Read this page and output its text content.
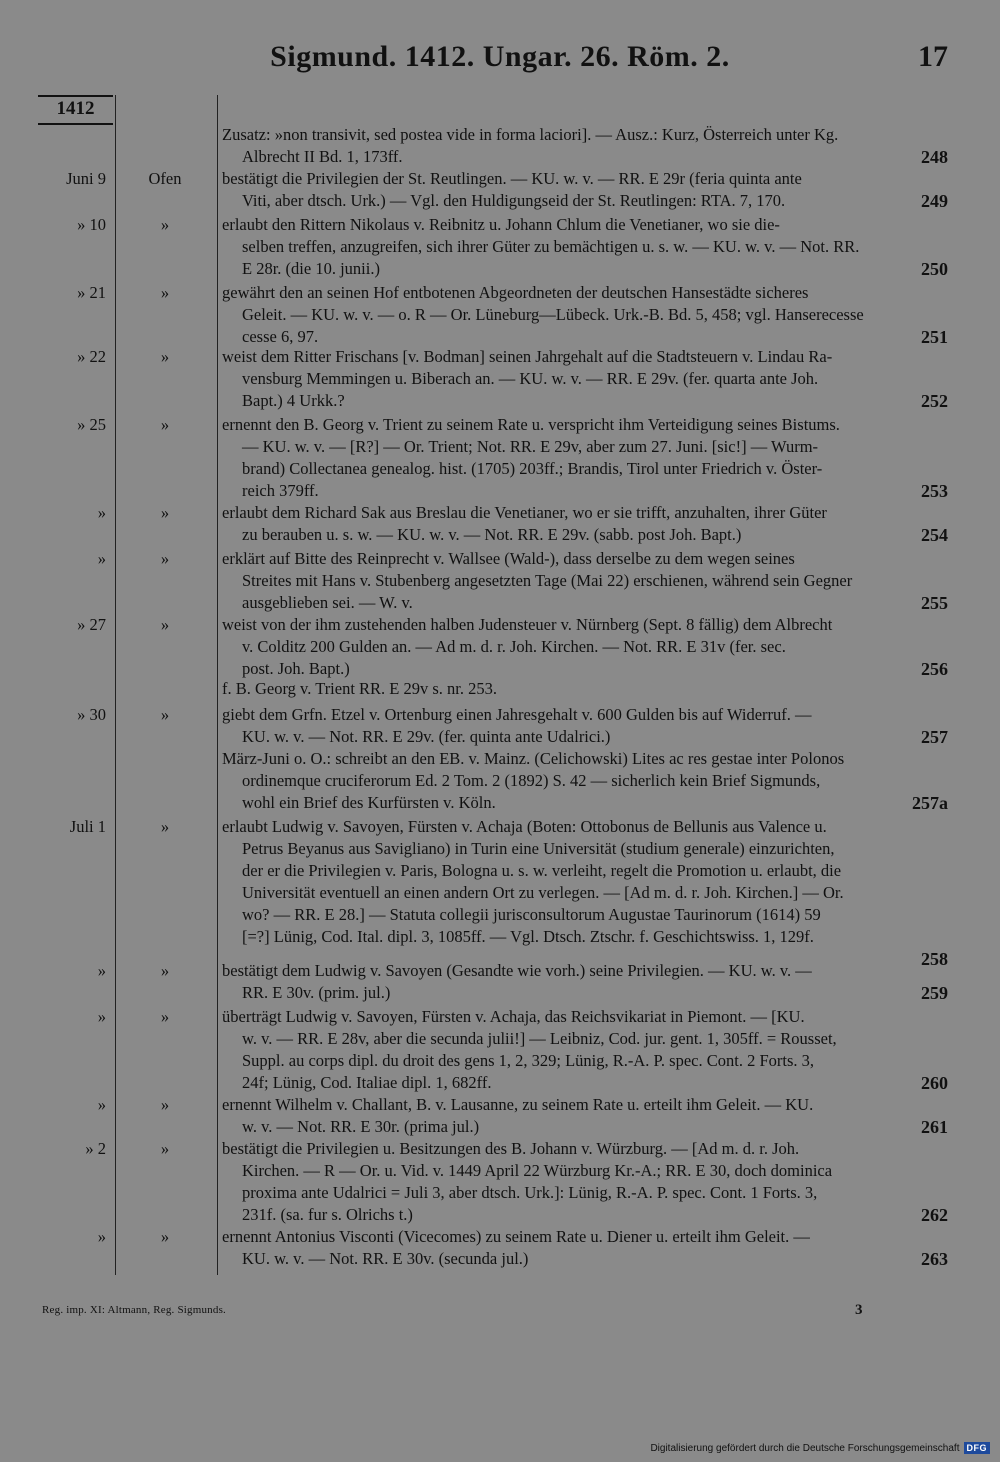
Sigmund. 1412. Ungar. 26. Röm. 2.	17
1412
Zusatz: »non transivit, sed postea vide in forma laciori]. — Ausz.: Kurz, Österreich unter Kg.
Albrecht II Bd. 1, 173ff.	248
Juni 9	Ofen	bestätigt die Privilegien der St. Reutlingen. — KU. w. v. — RR. E 29r (feria quinta ante
Viti, aber dtsch. Urk.) — Vgl. den Huldigungseid der St. Reutlingen: RTA. 7, 170.	249
» 10	»	erlaubt den Rittern Nikolaus v. Reibnitz u. Johann Chlum die Venetianer, wo sie die-
selben treffen, anzugreifen, sich ihrer Güter zu bemächtigen u. s. w. — KU. w. v. — Not. RR.
E 28r. (die 10. junii.)	250
» 21	»	gewährt den an seinen Hof entbotenen Abgeordneten der deutschen Hansestädte sicheres
Geleit. — KU. w. v. — o. R — Or. Lüneburg—Lübeck. Urk.-B. Bd. 5, 458; vgl. Hanserecesse
cesse 6, 97.	251
» 22	»	weist dem Ritter Frischans [v. Bodman] seinen Jahrgehalt auf die Stadtsteuern v. Lindau Ra-
vensburg Memmingen u. Biberach an. — KU. w. v. — RR. E 29v. (fer. quarta ante Joh.
Bapt.) 4 Urkk.?	252
» 25	»	ernennt den B. Georg v. Trient zu seinem Rate u. verspricht ihm Verteidigung seines Bistums.
— KU. w. v. — [R?] — Or. Trient; Not. RR. E 29v, aber zum 27. Juni. [sic!] — Wurm-
brand) Collectanea genealog. hist. (1705) 203ff.; Brandis, Tirol unter Friedrich v. Öster-
reich 379ff.	253
»	»	erlaubt dem Richard Sak aus Breslau die Venetianer, wo er sie trifft, anzuhalten, ihrer Güter
zu berauben u. s. w. — KU. w. v. — Not. RR. E 29v. (sabb. post Joh. Bapt.)	254
»	»	erklärt auf Bitte des Reinprecht v. Wallsee (Wald-), dass derselbe zu dem wegen seines
Streites mit Hans v. Stubenberg angesetzten Tage (Mai 22) erschienen, während sein Gegner
ausgeblieben sei. — W. v.	255
» 27	»	weist von der ihm zustehenden halben Judensteuer v. Nürnberg (Sept. 8 fällig) dem Albrecht
v. Colditz 200 Gulden an. — Ad m. d. r. Joh. Kirchen. — Not. RR. E 31v (fer. sec.
post. Joh. Bapt.)	256
f. B. Georg v. Trient RR. E 29v s. nr. 253.
» 30	»	giebt dem Grfn. Etzel v. Ortenburg einen Jahresgehalt v. 600 Gulden bis auf Widerruf. —
KU. w. v. — Not. RR. E 29v. (fer. quinta ante Udalrici.)	257
März-Juni o. O.: schreibt an den EB. v. Mainz. (Celichowski) Lites ac res gestae inter Polonos
ordinemque cruciferorum Ed. 2 Tom. 2 (1892) S. 42 — sicherlich kein Brief Sigmunds,
wohl ein Brief des Kurfürsten v. Köln.	257a
Juli 1	»	erlaubt Ludwig v. Savoyen, Fürsten v. Achaja (Boten: Ottobonus de Bellunis aus Valence u.
Petrus Beyanus aus Savigliano) in Turin eine Universität (studium generale) einzurichten,
der er die Privilegien v. Paris, Bologna u. s. w. verleiht, regelt die Promotion u. erlaubt, die
Universität eventuell an einen andern Ort zu verlegen. — [Ad m. d. r. Joh. Kirchen.] — Or.
wo? — RR. E 28.] — Statuta collegii jurisconsultorum Augustae Taurinorum (1614) 59
[=?] Lünig, Cod. Ital. dipl. 3, 1085ff. — Vgl. Dtsch. Ztschr. f. Geschichtswiss. 1, 129f.
258
»	»	bestätigt dem Ludwig v. Savoyen (Gesandte wie vorh.) seine Privilegien. — KU. w. v. —
RR. E 30v. (prim. jul.)	259
»	»	überträgt Ludwig v. Savoyen, Fürsten v. Achaja, das Reichsvikariat in Piemont. — [KU.
w. v. — RR. E 28v, aber die secunda julii!] — Leibniz, Cod. jur. gent. 1, 305ff. = Rousset,
Suppl. au corps dipl. du droit des gens 1, 2, 329; Lünig, R.-A. P. spec. Cont. 2 Forts. 3,
24f; Lünig, Cod. Italiae dipl. 1, 682ff.	260
»	»	ernennt Wilhelm v. Challant, B. v. Lausanne, zu seinem Rate u. erteilt ihm Geleit. — KU.
w. v. — Not. RR. E 30r. (prima jul.)	261
» 2	»	bestätigt die Privilegien u. Besitzungen des B. Johann v. Würzburg. — [Ad m. d. r. Joh.
Kirchen. — R — Or. u. Vid. v. 1449 April 22 Würzburg Kr.-A.; RR. E 30, doch dominica
proxima ante Udalrici = Juli 3, aber dtsch. Urk.]: Lünig, R.-A. P. spec. Cont. 1 Forts. 3,
231f. (sa. fur s. Olrichs t.)	262
»	»	ernennt Antonius Visconti (Vicecomes) zu seinem Rate u. Diener u. erteilt ihm Geleit. —
KU. w. v. — Not. RR. E 30v. (secunda jul.)	263
Reg. imp. XI: Altmann, Reg. Sigmunds.	3
Digitalisierung gefördert durch die Deutsche Forschungsgemeinschaft DFG
